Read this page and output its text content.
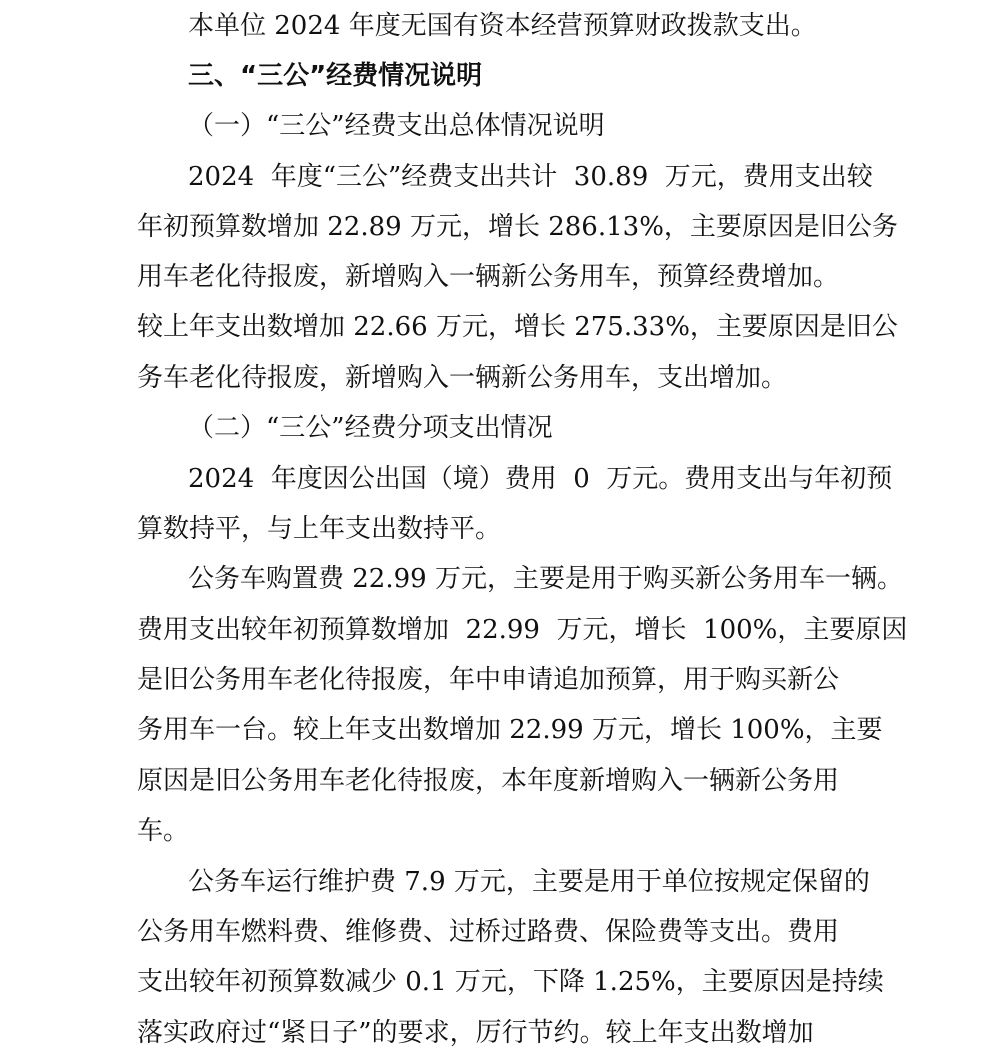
本单位 2024 年度无国有资本经营预算财政拨款支出。
三、“三公”经费情况说明
（一）“三公”经费支出总体情况说明
2024  年度“三公”经费支出共计  30.89  万元，费用支出较
年初预算数增加 22.89 万元，增长 286.13%，主要原因是旧公务
用车老化待报废，新增购入一辆新公务用车，预算经费增加。
较上年支出数增加 22.66 万元，增长 275.33%，主要原因是旧公
务车老化待报废，新增购入一辆新公务用车，支出增加。
（二）“三公”经费分项支出情况
2024  年度因公出国（境）费用  0  万元。费用支出与年初预
算数持平，与上年支出数持平。
公务车购置费 22.99 万元，主要是用于购买新公务用车一辆。
费用支出较年初预算数增加  22.99  万元，增长  100%，主要原因
是旧公务用车老化待报废，年中申请追加预算，用于购买新公
务用车一台。较上年支出数增加 22.99 万元，增长 100%，主要
原因是旧公务用车老化待报废，本年度新增购入一辆新公务用
车。
公务车运行维护费 7.9 万元，主要是用于单位按规定保留的
公务用车燃料费、维修费、过桥过路费、保险费等支出。费用
支出较年初预算数减少 0.1 万元，下降 1.25%，主要原因是持续
落实政府过“紧日子”的要求，厉行节约。较上年支出数增加
